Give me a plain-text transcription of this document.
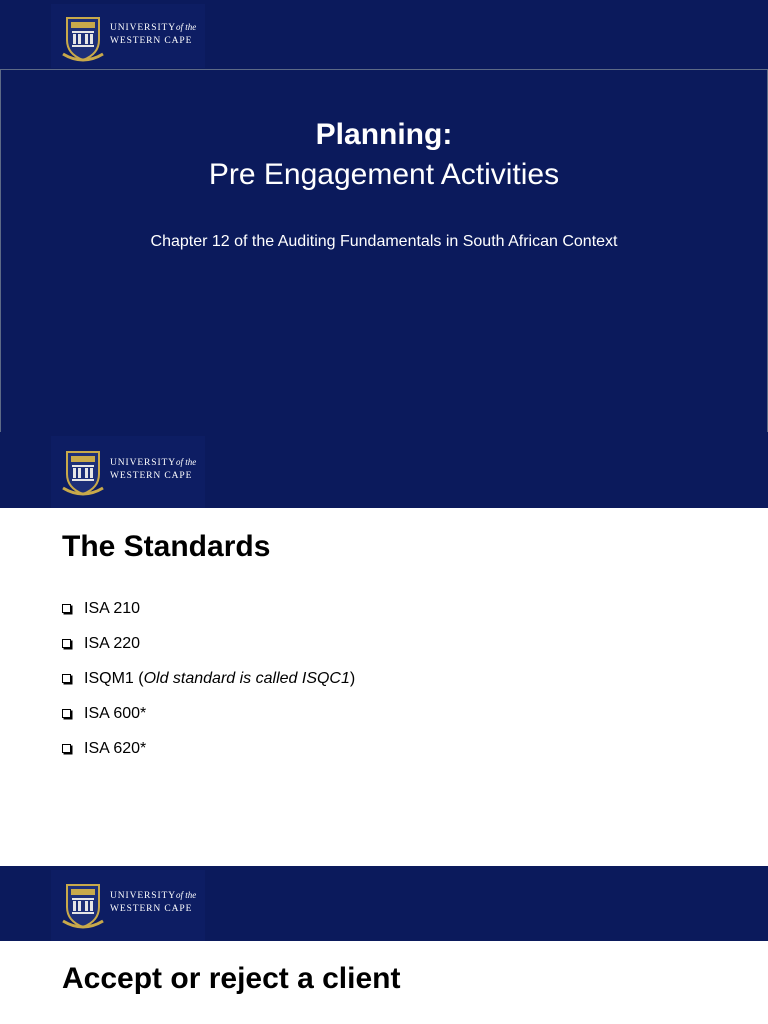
UNIVERSITYof the
WESTERN CAPE
Planning:
Pre Engagement Activities
Chapter 12 of the Auditing Fundamentals in South African Context
UNIVERSITYof the
WESTERN CAPE
The Standards
ISA 210
ISA 220
ISQM1 ( Old standard is called ISQC1 )
ISA 600*
ISA 620*
UNIVERSITYof the
WESTERN CAPE
Accept or reject a client
